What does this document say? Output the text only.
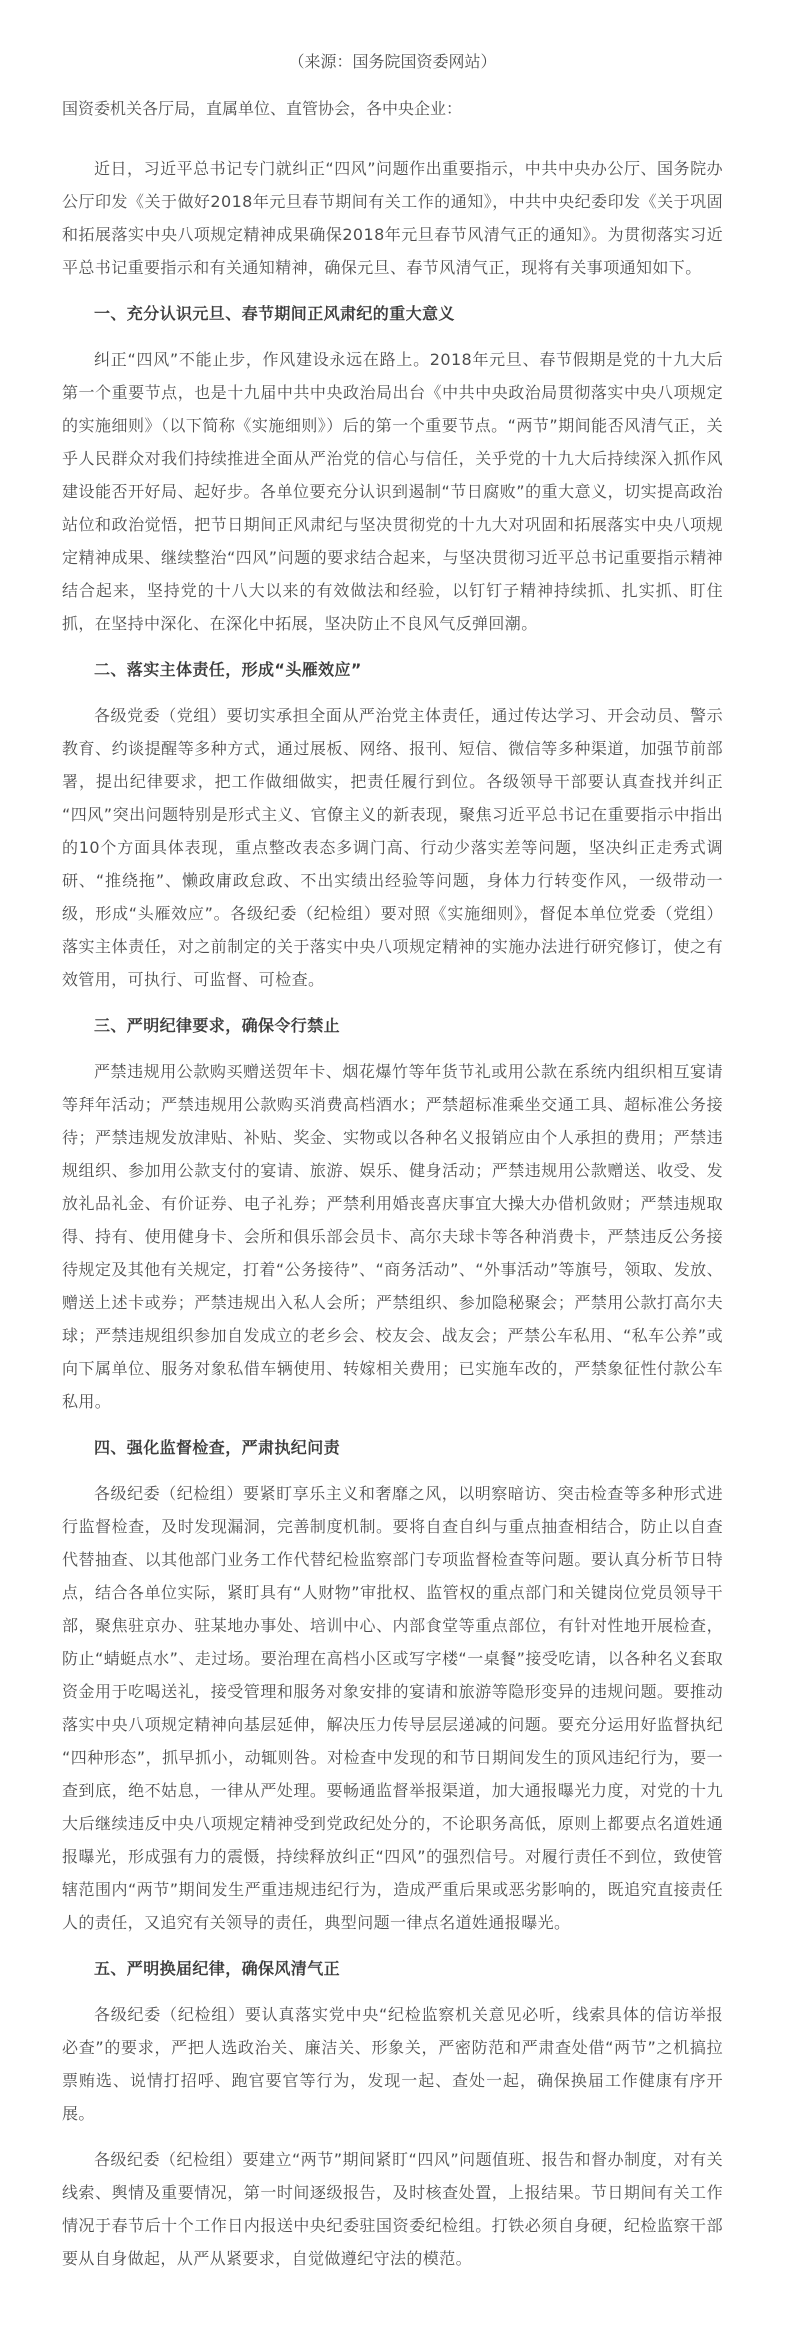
（来源：国务院国资委网站）

国资委机关各厅局，直属单位、直管协会，各中央企业：

近日，习近平总书记专门就纠正“四风”问题作出重要指示，中共中央办公厅、国务院办公厅印发《关于做好2018年元旦春节期间有关工作的通知》，中共中央纪委印发《关于巩固和拓展落实中央八项规定精神成果确保2018年元旦春节风清气正的通知》。为贯彻落实习近平总书记重要指示和有关通知精神，确保元旦、春节风清气正，现将有关事项通知如下。

一、充分认识元旦、春节期间正风肃纪的重大意义

纠正“四风”不能止步，作风建设永远在路上。2018年元旦、春节假期是党的十九大后第一个重要节点，也是十九届中共中央政治局出台《中共中央政治局贯彻落实中央八项规定的实施细则》（以下简称《实施细则》）后的第一个重要节点。“两节”期间能否风清气正，关乎人民群众对我们持续推进全面从严治党的信心与信任，关乎党的十九大后持续深入抓作风建设能否开好局、起好步。各单位要充分认识到遏制“节日腐败”的重大意义，切实提高政治站位和政治觉悟，把节日期间正风肃纪与坚决贯彻党的十九大对巩固和拓展落实中央八项规定精神成果、继续整治“四风”问题的要求结合起来，与坚决贯彻习近平总书记重要指示精神结合起来，坚持党的十八大以来的有效做法和经验，以钉钉子精神持续抓、扎实抓、盯住抓，在坚持中深化、在深化中拓展，坚决防止不良风气反弹回潮。

二、落实主体责任，形成“头雁效应”

各级党委（党组）要切实承担全面从严治党主体责任，通过传达学习、开会动员、警示教育、约谈提醒等多种方式，通过展板、网络、报刊、短信、微信等多种渠道，加强节前部署，提出纪律要求，把工作做细做实，把责任履行到位。各级领导干部要认真查找并纠正“四风”突出问题特别是形式主义、官僚主义的新表现，聚焦习近平总书记在重要指示中指出的10个方面具体表现，重点整改表态多调门高、行动少落实差等问题，坚决纠正走秀式调研、“推绕拖”、懒政庸政怠政、不出实绩出经验等问题，身体力行转变作风，一级带动一级，形成“头雁效应”。各级纪委（纪检组）要对照《实施细则》，督促本单位党委（党组）落实主体责任，对之前制定的关于落实中央八项规定精神的实施办法进行研究修订，使之有效管用，可执行、可监督、可检查。

三、严明纪律要求，确保令行禁止

严禁违规用公款购买赠送贺年卡、烟花爆竹等年货节礼或用公款在系统内组织相互宴请等拜年活动；严禁违规用公款购买消费高档酒水；严禁超标准乘坐交通工具、超标准公务接待；严禁违规发放津贴、补贴、奖金、实物或以各种名义报销应由个人承担的费用；严禁违规组织、参加用公款支付的宴请、旅游、娱乐、健身活动；严禁违规用公款赠送、收受、发放礼品礼金、有价证券、电子礼券；严禁利用婚丧喜庆事宜大操大办借机敛财；严禁违规取得、持有、使用健身卡、会所和俱乐部会员卡、高尔夫球卡等各种消费卡，严禁违反公务接待规定及其他有关规定，打着“公务接待”、“商务活动”、“外事活动”等旗号，领取、发放、赠送上述卡或券；严禁违规出入私人会所；严禁组织、参加隐秘聚会；严禁用公款打高尔夫球；严禁违规组织参加自发成立的老乡会、校友会、战友会；严禁公车私用、“私车公养”或向下属单位、服务对象私借车辆使用、转嫁相关费用；已实施车改的，严禁象征性付款公车私用。

四、强化监督检查，严肃执纪问责

各级纪委（纪检组）要紧盯享乐主义和奢靡之风，以明察暗访、突击检查等多种形式进行监督检查，及时发现漏洞，完善制度机制。要将自查自纠与重点抽查相结合，防止以自查代替抽查、以其他部门业务工作代替纪检监察部门专项监督检查等问题。要认真分析节日特点，结合各单位实际，紧盯具有“人财物”审批权、监管权的重点部门和关键岗位党员领导干部，聚焦驻京办、驻某地办事处、培训中心、内部食堂等重点部位，有针对性地开展检查，防止“蜻蜓点水”、走过场。要治理在高档小区或写字楼“一桌餐”接受吃请，以各种名义套取资金用于吃喝送礼，接受管理和服务对象安排的宴请和旅游等隐形变异的违规问题。要推动落实中央八项规定精神向基层延伸，解决压力传导层层递减的问题。要充分运用好监督执纪“四种形态”，抓早抓小，动辄则咎。对检查中发现的和节日期间发生的顶风违纪行为，要一查到底，绝不姑息，一律从严处理。要畅通监督举报渠道，加大通报曝光力度，对党的十九大后继续违反中央八项规定精神受到党政纪处分的，不论职务高低，原则上都要点名道姓通报曝光，形成强有力的震慑，持续释放纠正“四风”的强烈信号。对履行责任不到位，致使管辖范围内“两节”期间发生严重违规违纪行为，造成严重后果或恶劣影响的，既追究直接责任人的责任，又追究有关领导的责任，典型问题一律点名道姓通报曝光。

五、严明换届纪律，确保风清气正

各级纪委（纪检组）要认真落实党中央“纪检监察机关意见必听，线索具体的信访举报必查”的要求，严把人选政治关、廉洁关、形象关，严密防范和严肃查处借“两节”之机搞拉票贿选、说情打招呼、跑官要官等行为，发现一起、查处一起，确保换届工作健康有序开展。

各级纪委（纪检组）要建立“两节”期间紧盯“四风”问题值班、报告和督办制度，对有关线索、舆情及重要情况，第一时间逐级报告，及时核查处置，上报结果。节日期间有关工作情况于春节后十个工作日内报送中央纪委驻国资委纪检组。打铁必须自身硬，纪检监察干部要从自身做起，从严从紧要求，自觉做遵纪守法的模范。
